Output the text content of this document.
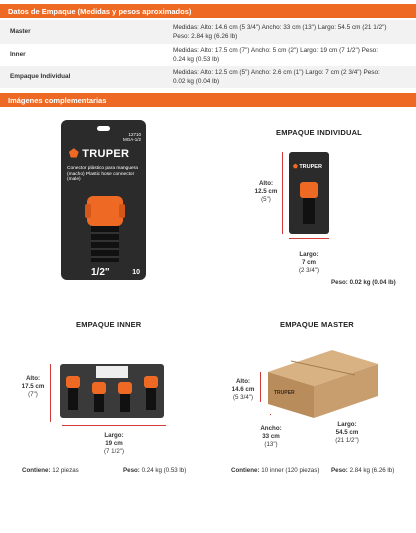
Datos de Empaque (Medidas y pesos aproximados)
Master
Medidas: Alto: 14.6 cm (5 3/4") Ancho: 33 cm (13") Largo: 54.5 cm (21 1/2")
Peso: 2.84 kg (6.26 lb)
Inner
Medidas: Alto: 17.5 cm (7") Ancho: 5 cm (2") Largo: 19 cm (7 1/2") Peso:
0.24 kg (0.53 lb)
Empaque Individual
Medidas: Alto: 12.5 cm (5") Ancho: 2.6 cm (1") Largo: 7 cm (2 3/4") Peso:
0.02 kg (0.04 lb)
Imágenes complementarias
12710
MGA-1/2
⬟ TRUPER
Conector plástico para manguera (macho) Plastic hose connector (male)
1/2"	10
EMPAQUE INDIVIDUAL
Alto:
12.5 cm
(5")
⬟ TRUPER
Largo:
7 cm
(2 3/4")
Peso: 0.02 kg (0.04 lb)
EMPAQUE INNER
Alto:
17.5 cm
(7")
Largo:
19 cm
(7 1/2")
Contiene: 12 piezas	Peso: 0.24 kg (0.53 lb)
EMPAQUE MASTER
Alto:
14.6 cm
(5 3/4")
TRUPER
Ancho:
33 cm
(13")
Largo:
54.5 cm
(21 1/2")
Contiene: 10 inner (120 piezas) Peso: 2.84 kg (6.26 lb)
